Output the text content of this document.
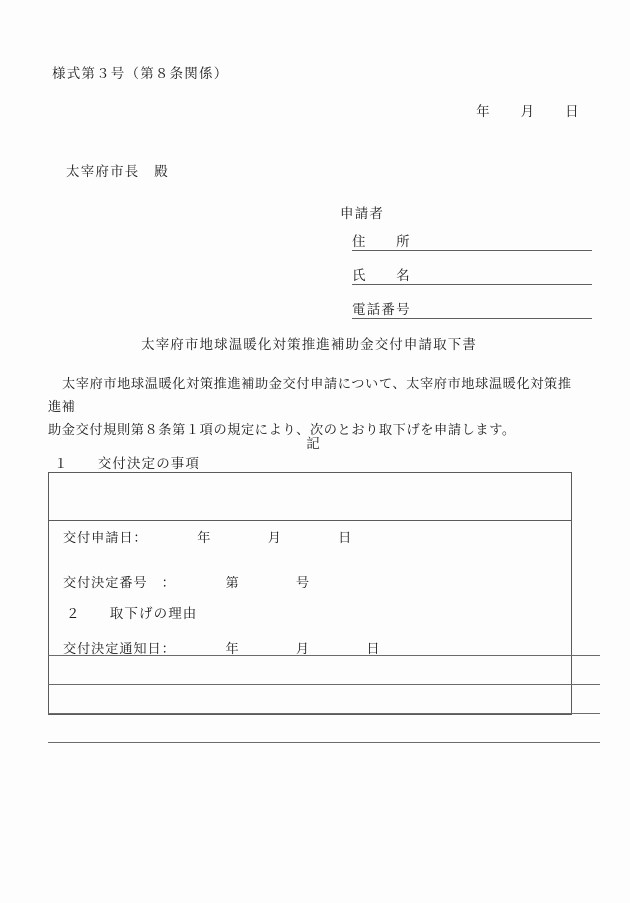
様式第３号（第８条関係）

年 月 日

太宰府市長　殿
申請者
住　　所
氏　　名
電話番号
太宰府市地球温暖化対策推進補助金交付申請取下書
太宰府市地球温暖化対策推進補助金交付申請について、太宰府市地球温暖化対策推進補
助金交付規則第８条第１項の規定により、次のとおり取下げを申請します。
記
１　　交付決定の事項

交付申請日：　　　　年　　　　月　　　　日

交付決定番号　：　　　　第　　　　号

交付決定通知日：　　　　年　　　　月　　　　日

２　　取下げの理由
